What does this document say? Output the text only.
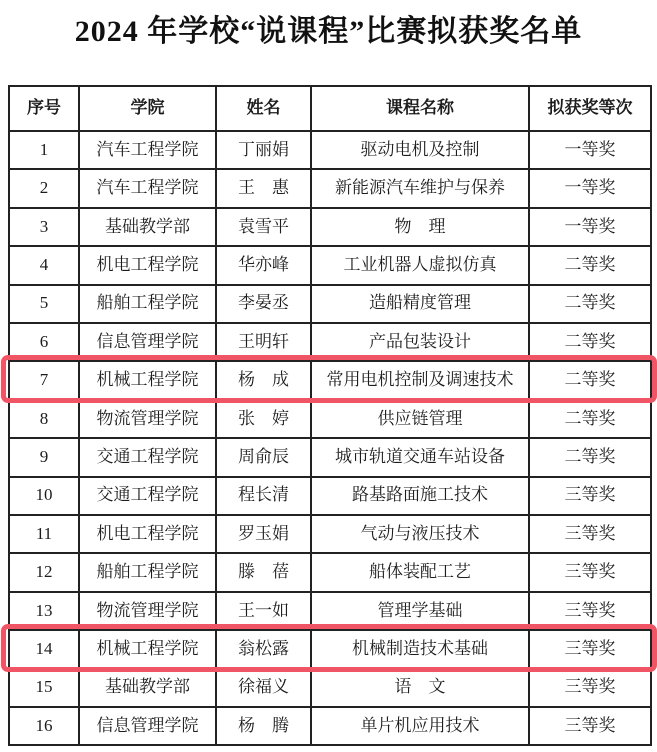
2024 年学校“说课程”比赛拟获奖名单
序号	学院	姓名	课程名称	拟获奖等次
1	汽车工程学院	丁丽娟	驱动电机及控制	一等奖
2	汽车工程学院	王　惠	新能源汽车维护与保养	一等奖
3	基础教学部	袁雪平	物　理	一等奖
4	机电工程学院	华亦峰	工业机器人虚拟仿真	二等奖
5	船舶工程学院	李晏丞	造船精度管理	二等奖
6	信息管理学院	王明轩	产品包装设计	二等奖
7	机械工程学院	杨　成	常用电机控制及调速技术	二等奖
8	物流管理学院	张　婷	供应链管理	二等奖
9	交通工程学院	周俞辰	城市轨道交通车站设备	二等奖
10	交通工程学院	程长清	路基路面施工技术	三等奖
11	机电工程学院	罗玉娟	气动与液压技术	三等奖
12	船舶工程学院	滕　蓓	船体装配工艺	三等奖
13	物流管理学院	王一如	管理学基础	三等奖
14	机械工程学院	翁松露	机械制造技术基础	三等奖
15	基础教学部	徐福义	语　文	三等奖
16	信息管理学院	杨　腾	单片机应用技术	三等奖
